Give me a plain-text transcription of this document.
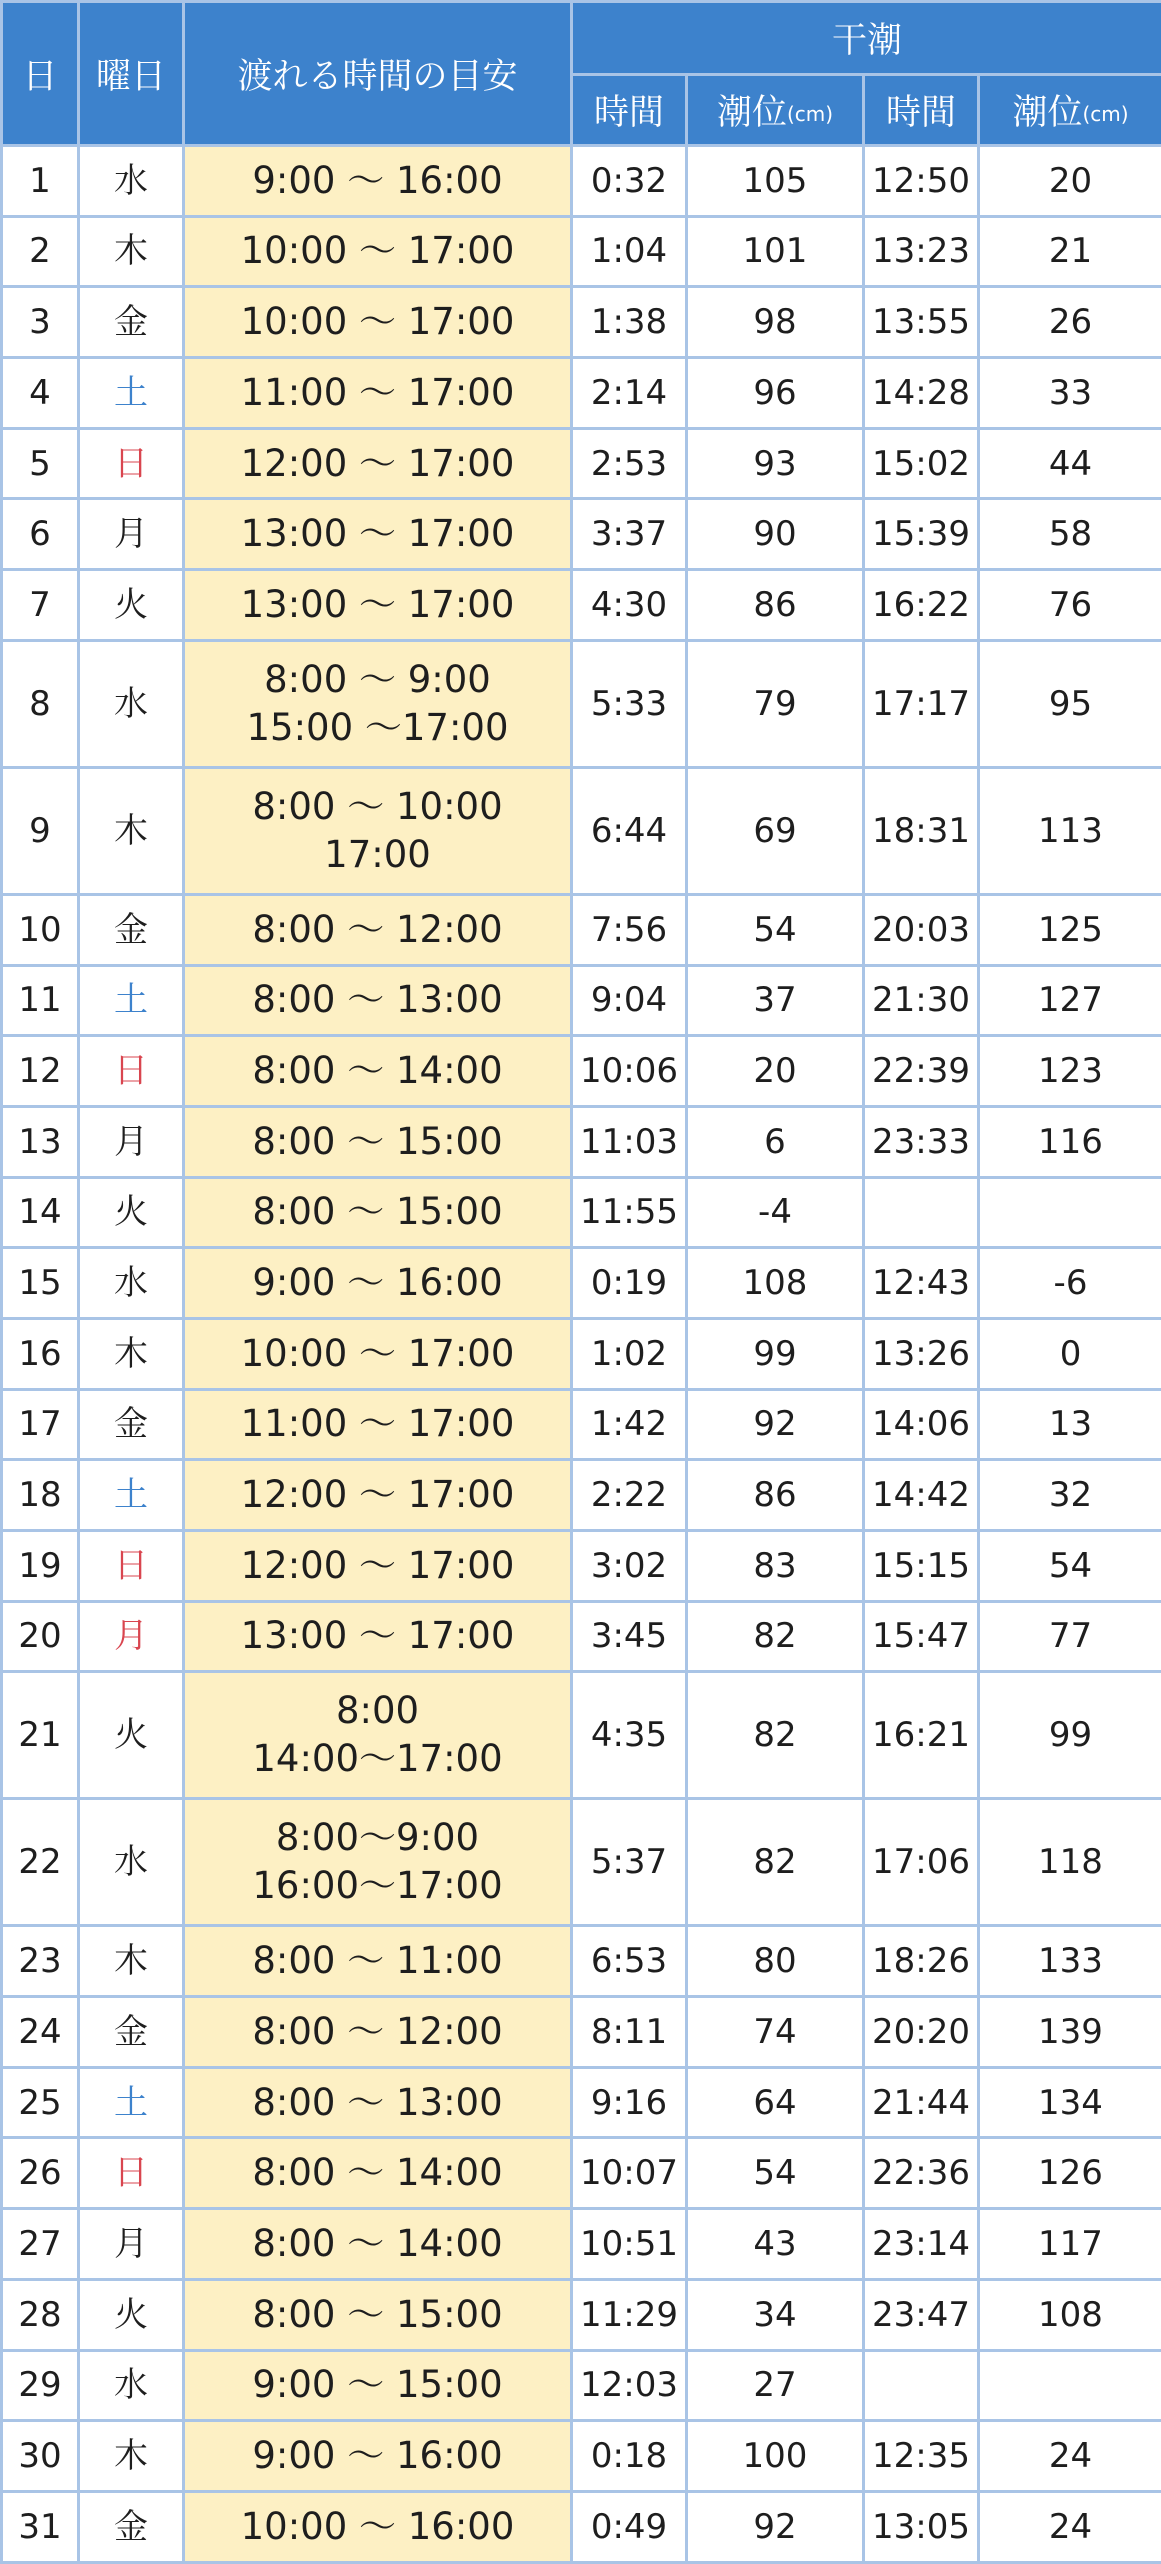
日	曜日	渡れる時間の目安	干潮			
			時間	潮位(cm)	時間	潮位(cm)
1	水	9:00 ～ 16:00	0:32	105	12:50	20
2	木	10:00 ～ 17:00	1:04	101	13:23	21
3	金	10:00 ～ 17:00	1:38	98	13:55	26
4	土	11:00 ～ 17:00	2:14	96	14:28	33
5	日	12:00 ～ 17:00	2:53	93	15:02	44
6	月	13:00 ～ 17:00	3:37	90	15:39	58
7	火	13:00 ～ 17:00	4:30	86	16:22	76
8	水	8:00 ～ 9:00
15:00 ～17:00	5:33	79	17:17	95
9	木	8:00 ～ 10:00
17:00	6:44	69	18:31	113
10	金	8:00 ～ 12:00	7:56	54	20:03	125
11	土	8:00 ～ 13:00	9:04	37	21:30	127
12	日	8:00 ～ 14:00	10:06	20	22:39	123
13	月	8:00 ～ 15:00	11:03	6	23:33	116
14	火	8:00 ～ 15:00	11:55	-4		
15	水	9:00 ～ 16:00	0:19	108	12:43	-6
16	木	10:00 ～ 17:00	1:02	99	13:26	0
17	金	11:00 ～ 17:00	1:42	92	14:06	13
18	土	12:00 ～ 17:00	2:22	86	14:42	32
19	日	12:00 ～ 17:00	3:02	83	15:15	54
20	月	13:00 ～ 17:00	3:45	82	15:47	77
21	火	8:00
14:00～17:00	4:35	82	16:21	99
22	水	8:00～9:00
16:00～17:00	5:37	82	17:06	118
23	木	8:00 ～ 11:00	6:53	80	18:26	133
24	金	8:00 ～ 12:00	8:11	74	20:20	139
25	土	8:00 ～ 13:00	9:16	64	21:44	134
26	日	8:00 ～ 14:00	10:07	54	22:36	126
27	月	8:00 ～ 14:00	10:51	43	23:14	117
28	火	8:00 ～ 15:00	11:29	34	23:47	108
29	水	9:00 ～ 15:00	12:03	27		
30	木	9:00 ～ 16:00	0:18	100	12:35	24
31	金	10:00 ～ 16:00	0:49	92	13:05	24
